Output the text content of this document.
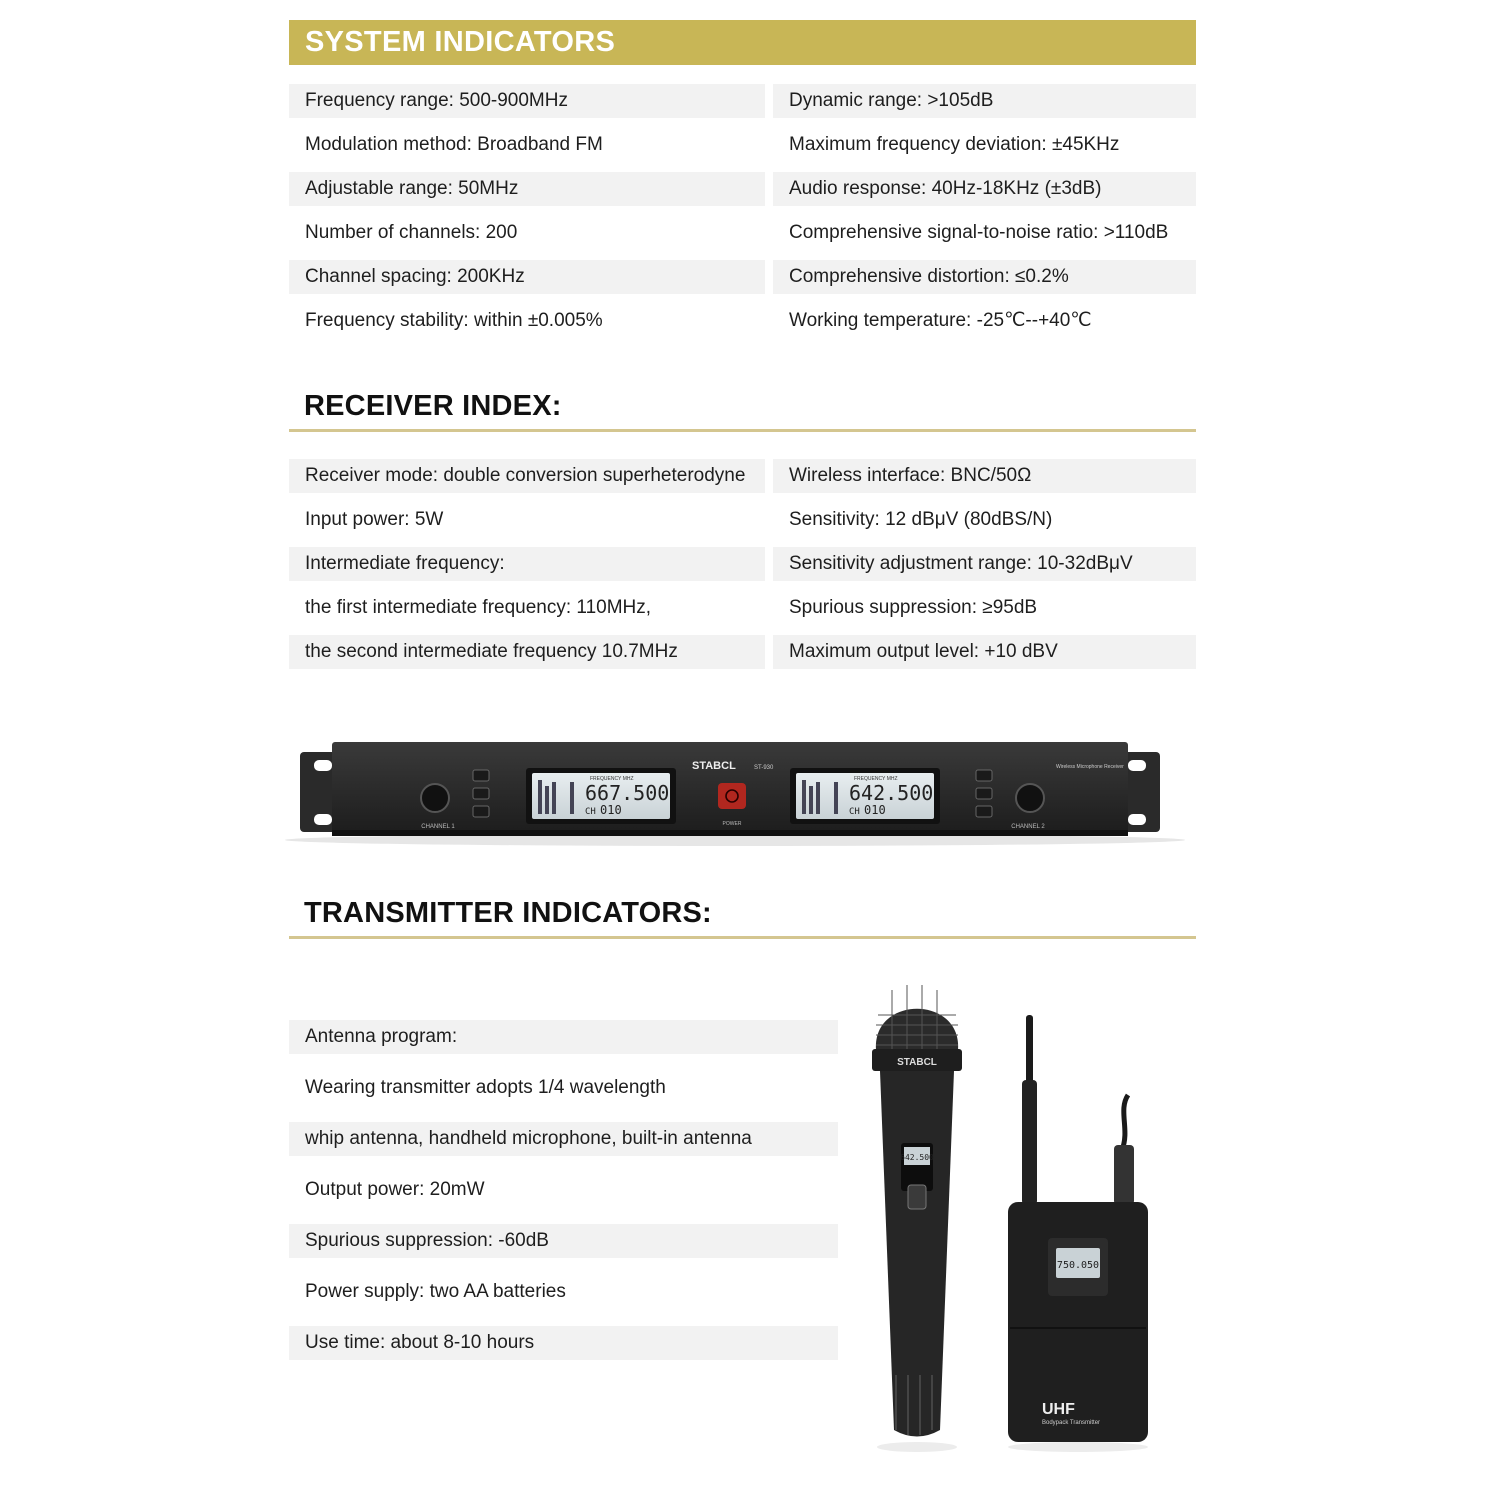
SYSTEM INDICATORS
Frequency range: 500-900MHz
Modulation method: Broadband FM
Adjustable range: 50MHz
Number of channels: 200
Channel spacing: 200KHz
Frequency stability: within ±0.005%
Dynamic range: >105dB
Maximum frequency deviation: ±45KHz
Audio response: 40Hz-18KHz (±3dB)
Comprehensive signal-to-noise ratio: >110dB
Comprehensive distortion: ≤0.2%
Working temperature: -25℃--+40℃
RECEIVER INDEX:
Receiver mode: double conversion superheterodyne
Input power: 5W
Intermediate frequency:
the first intermediate frequency: 110MHz,
the second intermediate frequency 10.7MHz
Wireless interface: BNC/50Ω
Sensitivity: 12 dBμV (80dBS/N)
Sensitivity adjustment range: 10-32dBμV
Spurious suppression: ≥95dB
Maximum output level: +10 dBV
CHANNEL 1
FREQUENCY MHZ
667.500
CH 010
STABCL	ST-930
POWER
FREQUENCY MHZ
642.500
CH 010
CHANNEL 2
Wireless Microphone Receiver
TRANSMITTER INDICATORS:
Antenna program:
Wearing transmitter adopts 1/4 wavelength
whip antenna, handheld microphone, built-in antenna
Output power: 20mW
Spurious suppression: -60dB
Power supply: two AA batteries
Use time: about 8-10 hours
STABCL
642.500
750.050
UHF
Bodypack Transmitter
